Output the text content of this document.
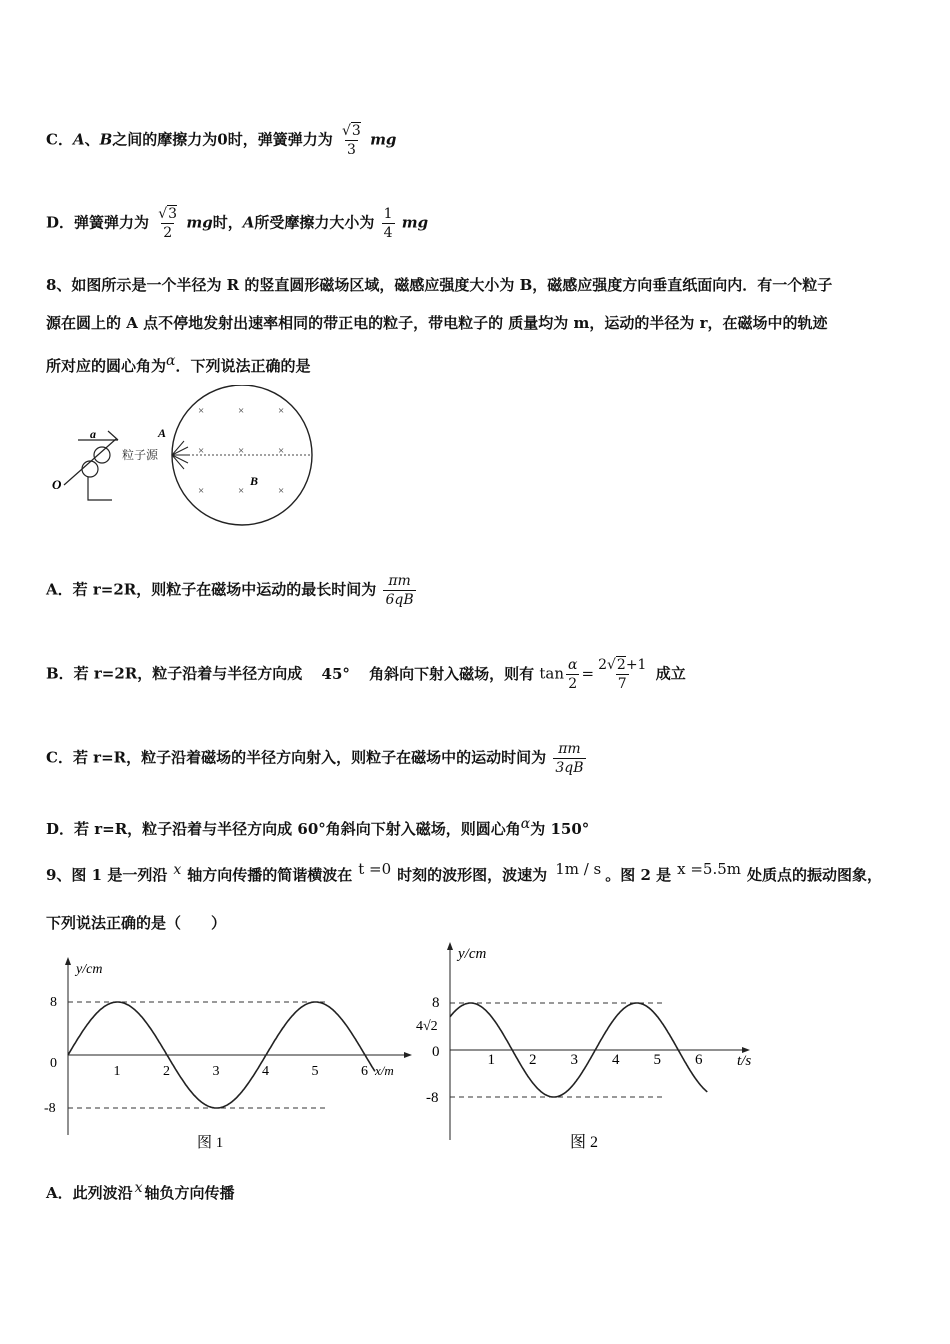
C．A、B之间的摩擦力为0时，弹簧弹力为 $\frac{√3}{3}$ mg
D．弹簧弹力为 $\frac{√3}{2}$ mg时，A所受摩擦力大小为 $\frac{1}{4}$ mg
8、如图所示是一个半径为 R 的竖直圆形磁场区域，磁感应强度大小为 B，磁感应强度方向垂直纸面向内．有一个粒子
源在圆上的 A 点不停地发射出速率相同的带正电的粒子，带电粒子的 质量均为 m，运动的半径为 r，在磁场中的轨迹
所对应的圆心角为α．下列说法正确的是
×	×	×
×	×	×
×	×	×
B
A
粒子源
a
O
A．若 r=2R，则粒子在磁场中运动的最长时间为 $\frac{\pi m}{6qB}$
B．若 r=2R，粒子沿着与半径方向成 45° 角斜向下射入磁场，则有 $\tan \frac{\alpha}{2} = \frac{2√2+1}{7}$ 成立
C．若 r=R，粒子沿着磁场的半径方向射入，则粒子在磁场中的运动时间为 $\frac{\pi m}{3qB}$
D．若 r=R，粒子沿着与半径方向成 60°角斜向下射入磁场，则圆心角α为 150°
9、图 1 是一列沿 x 轴方向传播的简谐横波在 t =0 时刻的波形图，波速为 1m / s 。图 2 是 x =5.5m 处质点的振动图象，
下列说法正确的是（　　）
y/cm
x/m
8
0
-8
1	2	3	4	5	6
图 1
y/cm
t/s
8
4√2
0
-8
1 2 3 4 5 6
图 2
A．此列波沿 x 轴负方向传播
